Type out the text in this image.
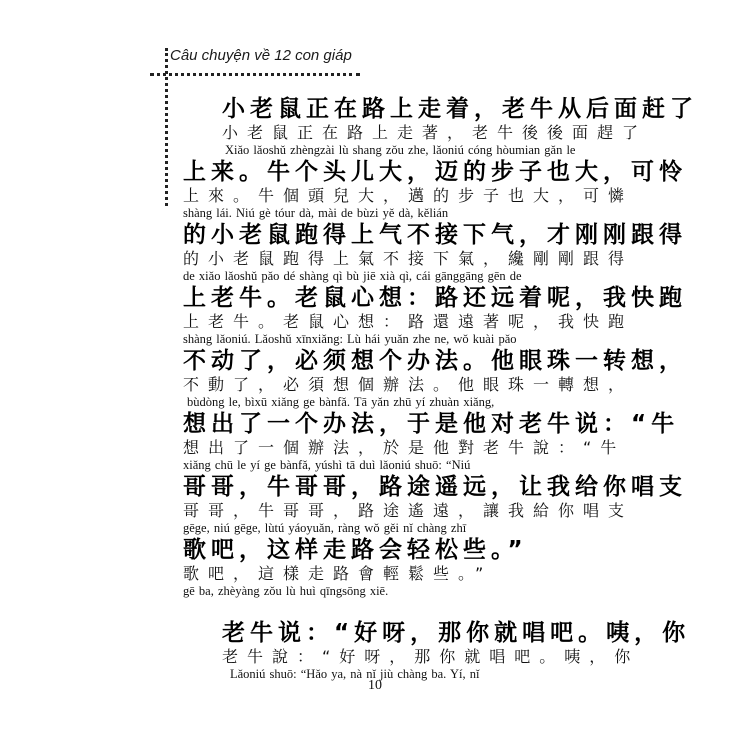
Câu chuyện về 12 con giáp
小老鼠正在路上走着，老牛从后面赶了
小老鼠正在路上走著，老牛後後面趕了
Xiǎo lǎoshǔ zhèngzài lù shang zǒu zhe, lǎoniú cóng hòumian gǎn le
上来。牛个头儿大，迈的步子也大，可怜
上來。牛個頭兒大，邁的步子也大，可憐
shàng lái. Niú gè tóur dà, mài de bùzi yě dà, kělián
的小老鼠跑得上气不接下气，才刚刚跟得
的小老鼠跑得上氣不接下氣，纔剛剛跟得
de xiǎo lǎoshǔ pǎo dé shàng qì bù jiē xià qì, cái gānggāng gēn de
上老牛。老鼠心想：路还远着呢，我快跑
上老牛。老鼠心想：路還遠著呢，我快跑
shàng lǎoniú. Lǎoshǔ xīnxiǎng: Lù hái yuǎn zhe ne, wǒ kuài pǎo
不动了，必须想个办法。他眼珠一转想，
不動了，必須想個辦法。他眼珠一轉想，
bùdòng le, bìxū xiǎng ge bànfǎ. Tā yǎn zhū yí zhuàn xiǎng,
想出了一个办法，于是他对老牛说：“牛
想出了一個辦法，於是他對老牛說：“牛
xiǎng chū le yí ge bànfǎ, yúshì tā duì lǎoniú shuō: “Niú
哥哥，牛哥哥，路途遥远，让我给你唱支
哥哥，牛哥哥，路途遙遠，讓我給你唱支
gēge, niú gēge, lùtú yáoyuǎn, ràng wǒ gěi nǐ chàng zhī
歌吧，这样走路会轻松些。”
歌吧，這樣走路會輕鬆些。”
gē ba, zhèyàng zǒu lù huì qīngsōng xiē.
老牛说：“好呀，那你就唱吧。咦，你
老牛說：“好呀，那你就唱吧。咦，你
Lǎoniú shuō: “Hǎo ya, nà nǐ jiù chàng ba. Yí, nǐ
10
